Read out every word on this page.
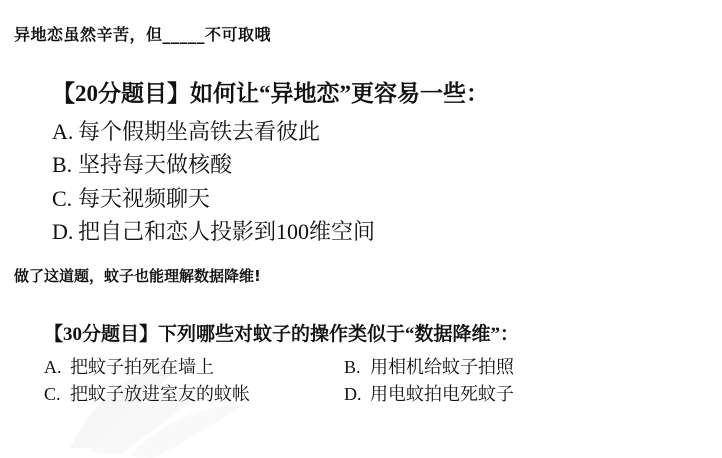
异地恋虽然辛苦，但_____不可取哦
【20分题目】如何让“异地恋”更容易一些：
A. 每个假期坐高铁去看彼此
B. 坚持每天做核酸
C. 每天视频聊天
D. 把自己和恋人投影到100维空间
做了这道题，蚊子也能理解数据降维!
【30分题目】下列哪些对蚊子的操作类似于“数据降维”：
A. 把蚊子拍死在墙上	B. 用相机给蚊子拍照
C. 把蚊子放进室友的蚊帐	D. 用电蚊拍电死蚊子
